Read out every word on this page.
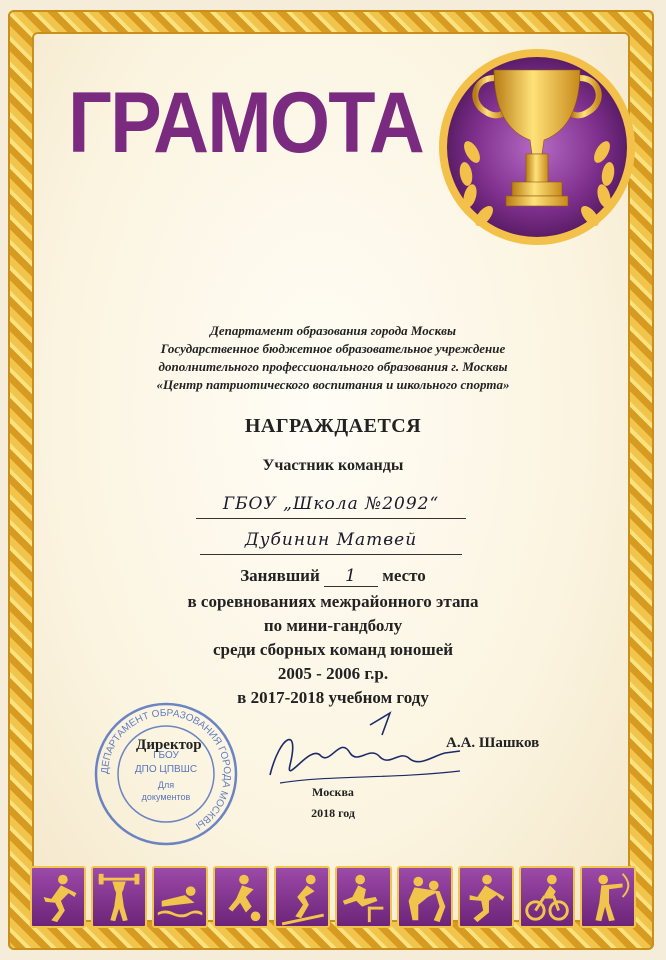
ГРАМОТА
Департамент образования города Москвы
Государственное бюджетное образовательное учреждение
дополнительного профессионального образования г. Москвы
«Центр патриотического воспитания и школьного спорта»
НАГРАЖДАЕТСЯ
Участник команды
ГБОУ „Школа №2092“
Дубинин Матвей
Занявший 1 место
в соревнованиях межрайонного этапа
по мини-гандболу
среди сборных команд юношей
2005 - 2006 г.р.
в 2017-2018 учебном году
ДЕПАРТАМЕНТ ОБРАЗОВАНИЯ ГОРОДА МОСКВЫ
ГБОУ
ДПО ЦПВШС
Для
документов
Директор	А.А. Шашков
Москва
2018 год
